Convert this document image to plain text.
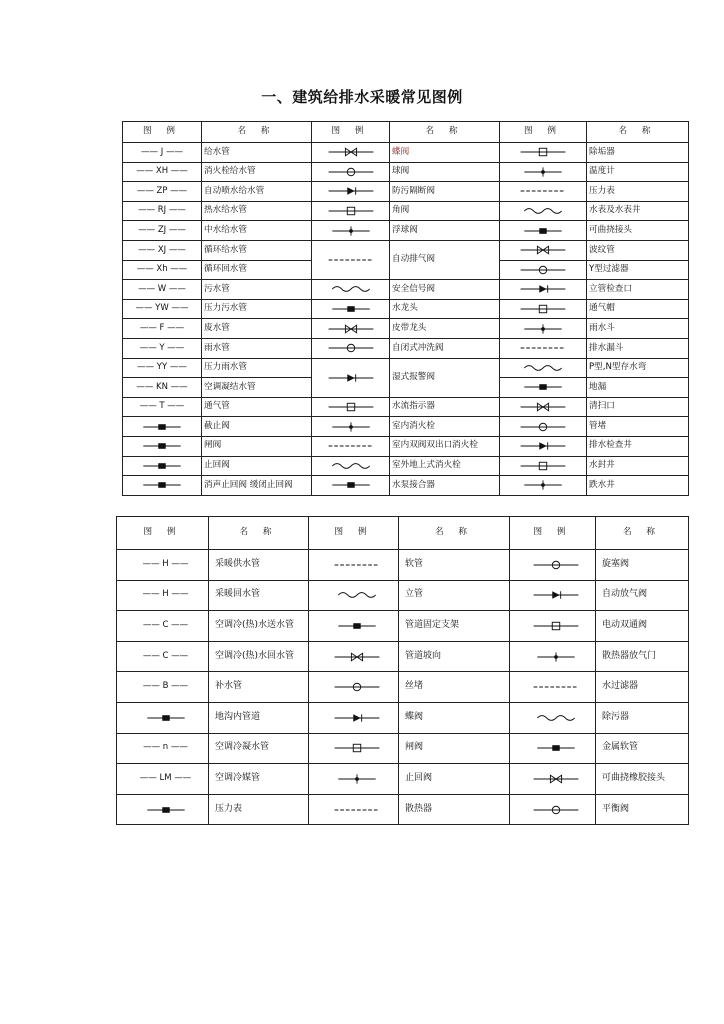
一、建筑给排水采暖常见图例
图 例	名 称	图 例	名 称	图 例	名 称
—— J ——	给水管		蝶阀		除垢器
—— XH ——	消火栓给水管		球阀		温度计
—— ZP ——	自动喷水给水管		防污隔断阀		压力表
—— RJ ——	热水给水管		角阀		水表及水表井
—— ZJ ——	中水给水管		浮球阀		可曲挠接头
—— XJ ——	循环给水管		自动排气阀		波纹管
—— Xh ——	循环回水管				Y型过滤器
—— W ——	污水管		安全信号阀		立管检查口
—— YW ——	压力污水管		水龙头		通气帽
—— F ——	废水管		皮带龙头		雨水斗
—— Y ——	雨水管		自闭式冲洗阀		排水漏斗
—— YY ——	压力雨水管		湿式报警阀		P型,N型存水弯
—— KN ——	空调凝结水管				地漏
—— T ——	通气管		水流指示器		清扫口

	截止阀		室内消火栓		管堵

	闸阀		室内双阀双出口消火栓		排水检查井

	止回阀		室外地上式消火栓		水封井

	消声止回阀 缓闭止回阀		水泵接合器		跌水井
图 例	名 称	图 例	名 称	图 例	名 称
—— H ——	采暖供水管		软管		旋塞阀
—— H ——	采暖回水管		立管		自动放气阀
—— C ——	空调冷(热)水送水管		管道固定支架		电动双通阀
—— C ——	空调冷(热)水回水管		管道坡向		散热器放气门
—— B ——	补水管		丝堵		水过滤器

	地沟内管道		蝶阀		除污器
—— n ——	空调冷凝水管		闸阀		金属软管
—— LM ——	空调冷媒管		止回阀		可曲挠橡胶接头

	压力表		散热器		平衡阀
